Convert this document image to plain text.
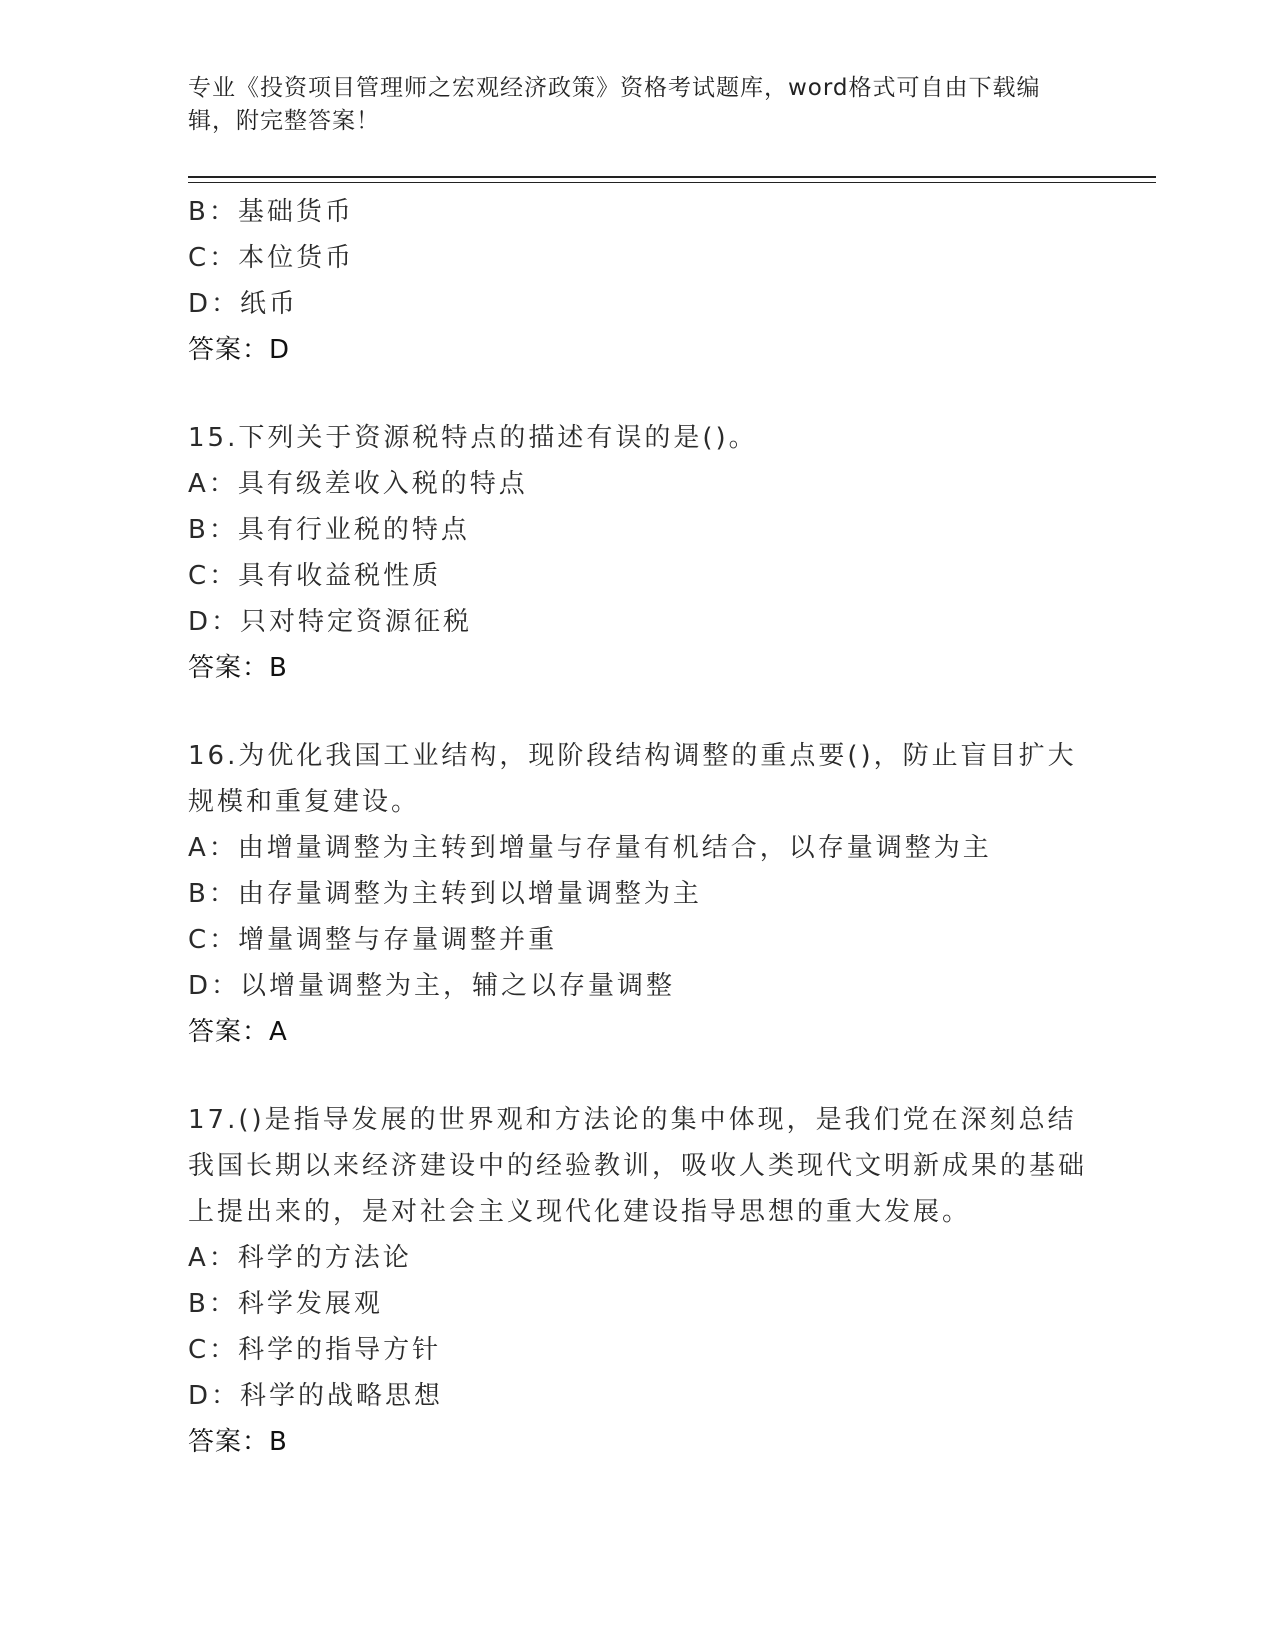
专业《投资项目管理师之宏观经济政策》资格考试题库，word格式可自由下载编辑，附完整答案！
B：基础货币
C：本位货币
D：纸币
答案：D
15.下列关于资源税特点的描述有误的是()。
A：具有级差收入税的特点
B：具有行业税的特点
C：具有收益税性质
D：只对特定资源征税
答案：B
16.为优化我国工业结构，现阶段结构调整的重点要()，防止盲目扩大规模和重复建设。
A：由增量调整为主转到增量与存量有机结合，以存量调整为主
B：由存量调整为主转到以增量调整为主
C：增量调整与存量调整并重
D：以增量调整为主，辅之以存量调整
答案：A
17.()是指导发展的世界观和方法论的集中体现，是我们党在深刻总结我国长期以来经济建设中的经验教训，吸收人类现代文明新成果的基础上提出来的，是对社会主义现代化建设指导思想的重大发展。
A：科学的方法论
B：科学发展观
C：科学的指导方针
D：科学的战略思想
答案：B
